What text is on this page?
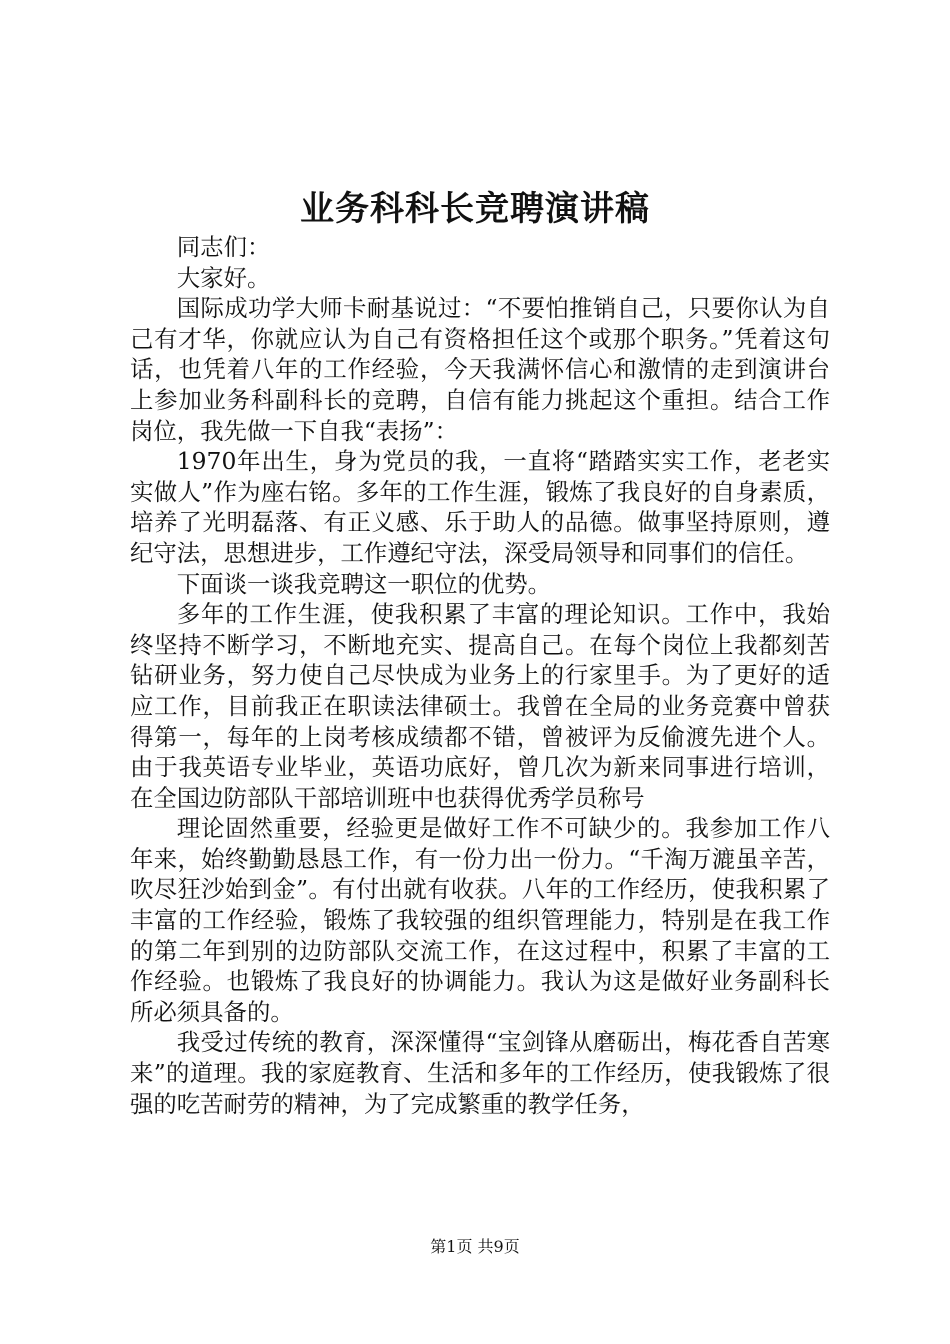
业务科科长竞聘演讲稿

同志们：

大家好。

国际成功学大师卡耐基说过：“不要怕推销自己，只要你认为自己有才华，你就应认为自己有资格担任这个或那个职务。”凭着这句话，也凭着八年的工作经验，今天我满怀信心和激情的走到演讲台上参加业务科副科长的竞聘，自信有能力挑起这个重担。结合工作岗位，我先做一下自我“表扬”：

1970年出生，身为党员的我，一直将“踏踏实实工作，老老实实做人”作为座右铭。多年的工作生涯，锻炼了我良好的自身素质，培养了光明磊落、有正义感、乐于助人的品德。做事坚持原则，遵纪守法，思想进步，工作遵纪守法，深受局领导和同事们的信任。

下面谈一谈我竞聘这一职位的优势。

多年的工作生涯，使我积累了丰富的理论知识。工作中，我始终坚持不断学习，不断地充实、提高自己。在每个岗位上我都刻苦钻研业务，努力使自己尽快成为业务上的行家里手。为了更好的适应工作，目前我正在职读法律硕士。我曾在全局的业务竞赛中曾获得第一，每年的上岗考核成绩都不错，曾被评为反偷渡先进个人。由于我英语专业毕业，英语功底好，曾几次为新来同事进行培训，在全国边防部队干部培训班中也获得优秀学员称号

理论固然重要，经验更是做好工作不可缺少的。我参加工作八年来，始终勤勤恳恳工作，有一份力出一份力。“千淘万漉虽辛苦，吹尽狂沙始到金”。有付出就有收获。八年的工作经历，使我积累了丰富的工作经验，锻炼了我较强的组织管理能力，特别是在我工作的第二年到别的边防部队交流工作，在这过程中，积累了丰富的工作经验。也锻炼了我良好的协调能力。我认为这是做好业务副科长所必须具备的。

我受过传统的教育，深深懂得“宝剑锋从磨砺出，梅花香自苦寒来”的道理。我的家庭教育、生活和多年的工作经历，使我锻炼了很强的吃苦耐劳的精神，为了完成繁重的教学任务，

第1页 共9页
